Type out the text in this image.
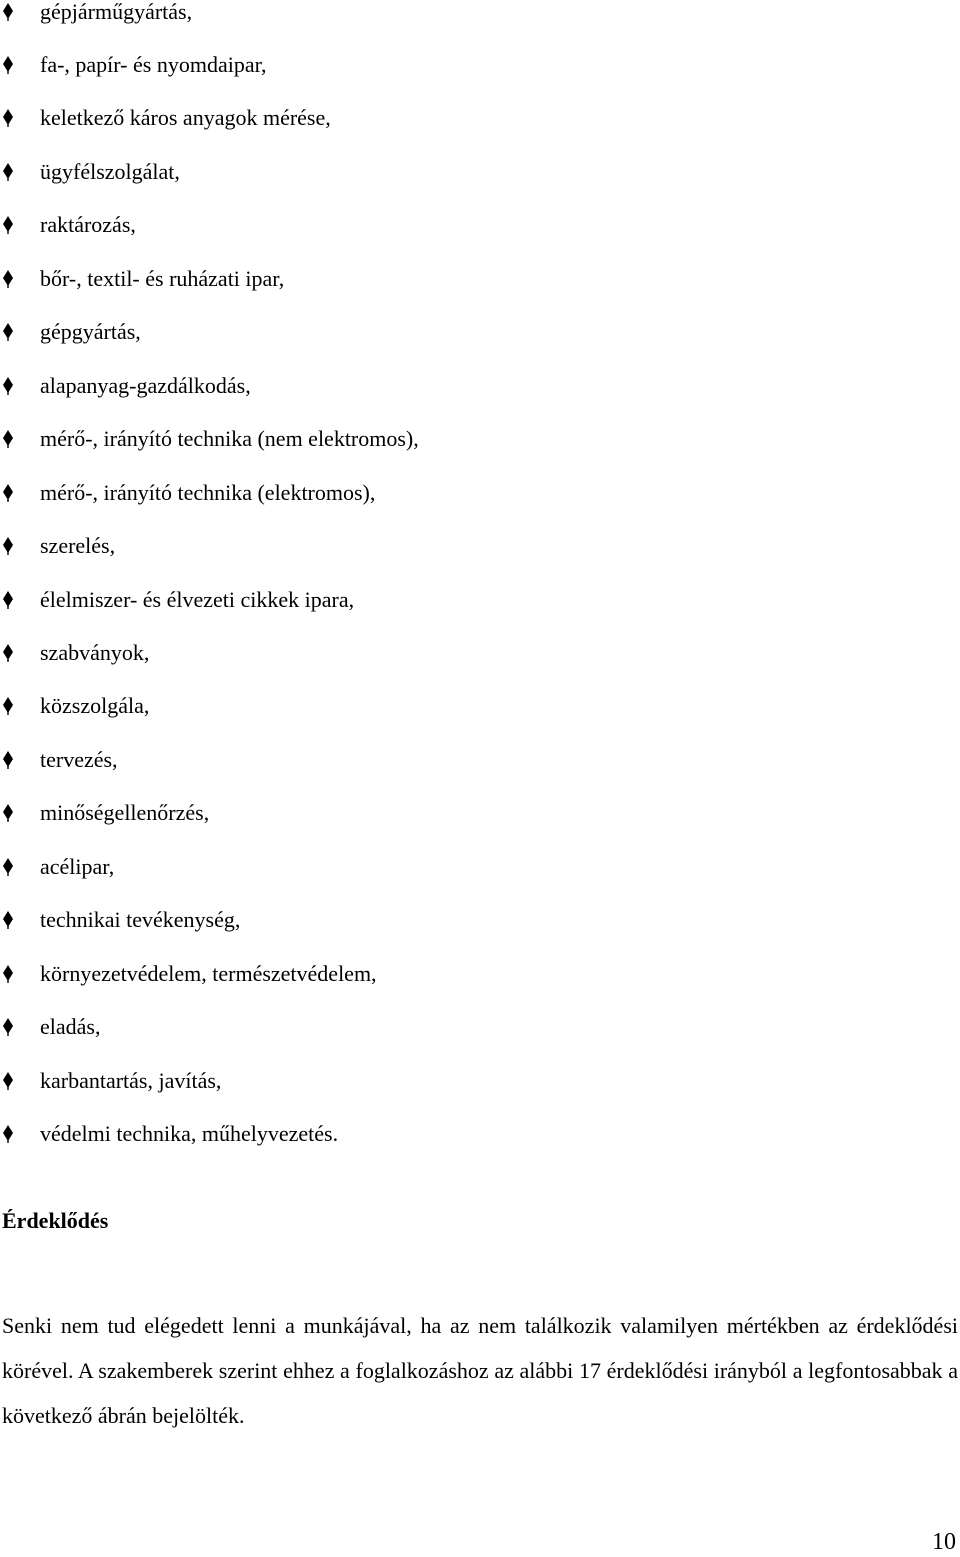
gépjárműgyártás,
fa-, papír- és nyomdaipar,
keletkező káros anyagok mérése,
ügyfélszolgálat,
raktározás,
bőr-, textil- és ruházati ipar,
gépgyártás,
alapanyag-gazdálkodás,
mérő-, irányító technika (nem elektromos),
mérő-, irányító technika (elektromos),
szerelés,
élelmiszer- és élvezeti cikkek ipara,
szabványok,
közszolgála,
tervezés,
minőségellenőrzés,
acélipar,
technikai tevékenység,
környezetvédelem, természetvédelem,
eladás,
karbantartás, javítás,
védelmi technika, műhelyvezetés.
Érdeklődés

Senki nem tud elégedett lenni a munkájával, ha az nem találkozik valamilyen mértékben az érdeklődési körével. A szakemberek szerint ehhez a foglalkozáshoz az alábbi 17 érdeklődési irányból a legfontosabbak a következő ábrán bejelölték.

10
